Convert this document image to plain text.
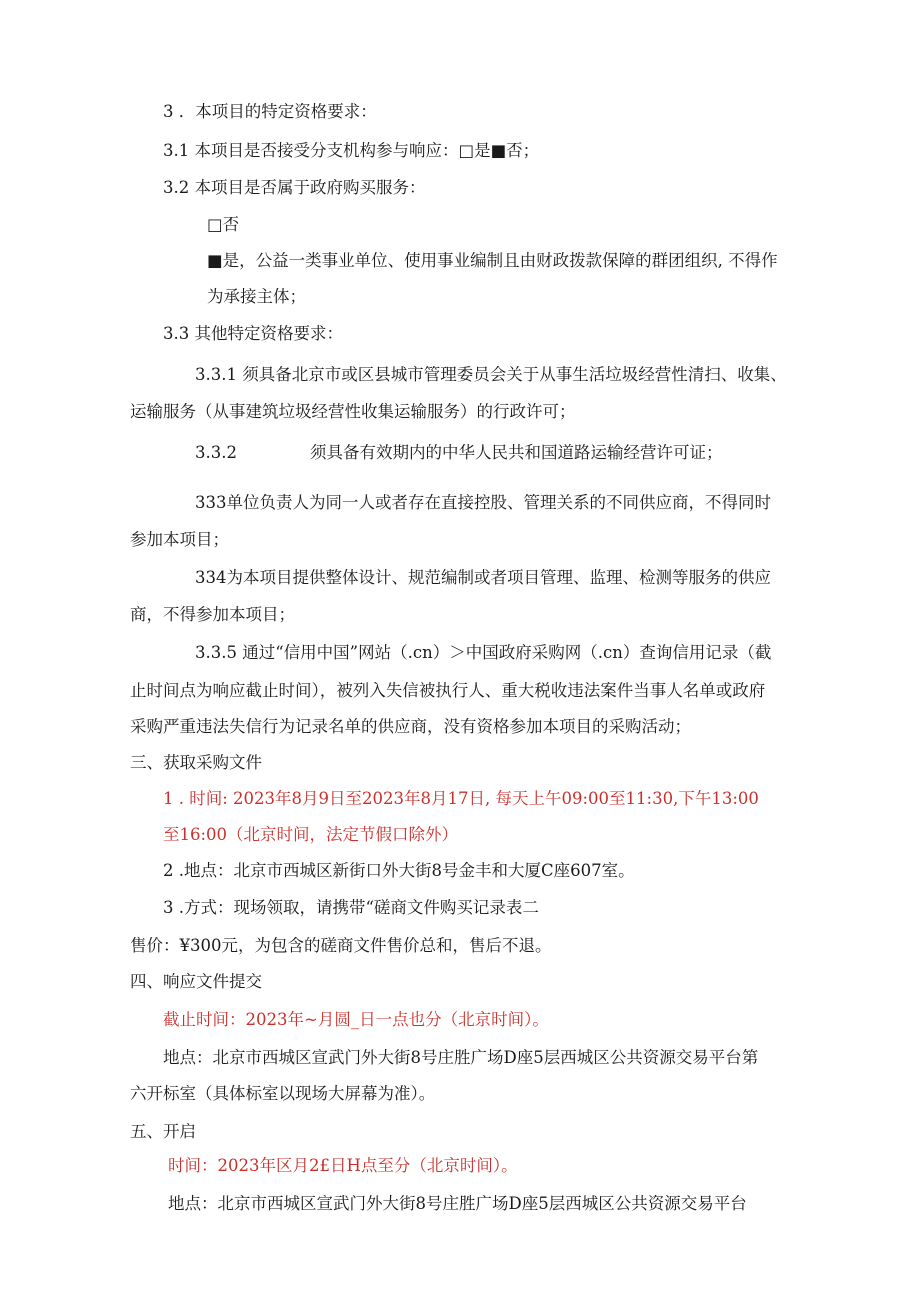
3 ．本项目的特定资格要求：
3.1 本项目是否接受分支机构参与响应：□是■否；
3.2 本项目是否属于政府购买服务：
□否
■是，公益一类事业单位、使用事业编制且由财政拨款保障的群团组织, 不得作
为承接主体；
3.3 其他特定资格要求：
3.3.1 须具备北京市或区县城市管理委员会关于从事生活垃圾经营性清扫、收集、
运输服务（从事建筑垃圾经营性收集运输服务）的行政许可；
3.3.2	须具备有效期内的中华人民共和国道路运输经营许可证；
333单位负责人为同一人或者存在直接控股、管理关系的不同供应商，不得同时
参加本项目；
334为本项目提供整体设计、规范编制或者项目管理、监理、检测等服务的供应
商，不得参加本项目；
3.3.5 通过“信用中国”网站（.cn）＞中国政府采购网（.cn）查询信用记录（截
止时间点为响应截止时间），被列入失信被执行人、重大税收违法案件当事人名单或政府
采购严重违法失信行为记录名单的供应商，没有资格参加本项目的采购活动；
三、获取采购文件
1 . 时间: 2023年8月9日至2023年8月17日, 每天上午09:00至11:30,下午13:00
至16:00（北京时间，法定节假口除外）
2 .地点：北京市西城区新街口外大街8号金丰和大厦C座607室。
3 .方式：现场领取，请携带“磋商文件购买记录表二
售价：¥300元，为包含的磋商文件售价总和，售后不退。
四、响应文件提交
截止时间：2023年~月圆_日一点也分（北京时间）。
地点：北京市西城区宣武门外大街8号庄胜广场D座5层西城区公共资源交易平台第
六开标室（具体标室以现场大屏幕为准）。
五、开启
时间：2023年区月2£日H点至分（北京时间）。
地点：北京市西城区宣武门外大街8号庄胜广场D座5层西城区公共资源交易平台
